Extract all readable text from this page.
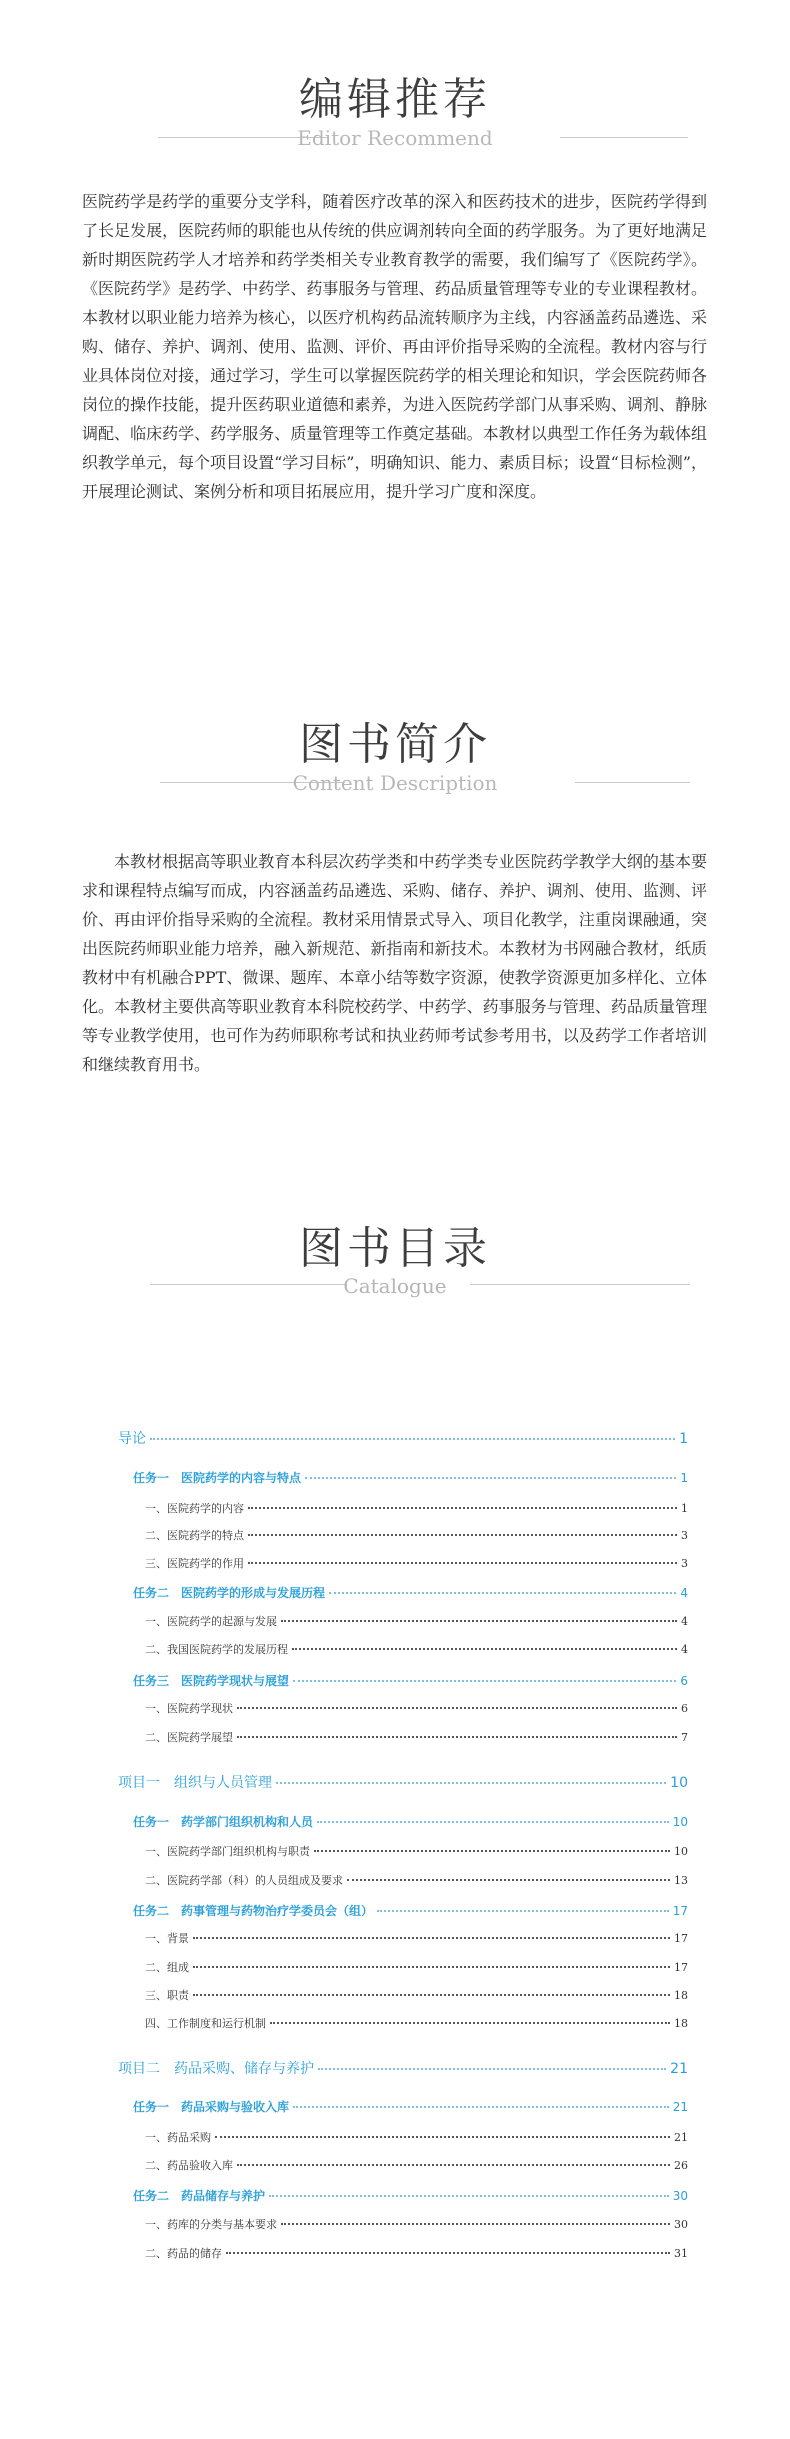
编辑推荐
Editor Recommend

医院药学是药学的重要分支学科，随着医疗改革的深入和医药技术的进步，医院药学得到了长足发展，医院药师的职能也从传统的供应调剂转向全面的药学服务。为了更好地满足新时期医院药学人才培养和药学类相关专业教育教学的需要，我们编写了《医院药学》。《医院药学》是药学、中药学、药事服务与管理、药品质量管理等专业的专业课程教材。本教材以职业能力培养为核心，以医疗机构药品流转顺序为主线，内容涵盖药品遴选、采购、储存、养护、调剂、使用、监测、评价、再由评价指导采购的全流程。教材内容与行业具体岗位对接，通过学习，学生可以掌握医院药学的相关理论和知识，学会医院药师各岗位的操作技能，提升医药职业道德和素养，为进入医院药学部门从事采购、调剂、静脉调配、临床药学、药学服务、质量管理等工作奠定基础。本教材以典型工作任务为载体组织教学单元，每个项目设置“学习目标”，明确知识、能力、素质目标；设置“目标检测”，开展理论测试、案例分析和项目拓展应用，提升学习广度和深度。

图书简介
Content Description

本教材根据高等职业教育本科层次药学类和中药学类专业医院药学教学大纲的基本要求和课程特点编写而成，内容涵盖药品遴选、采购、储存、养护、调剂、使用、监测、评价、再由评价指导采购的全流程。教材采用情景式导入、项目化教学，注重岗课融通，突出医院药师职业能力培养，融入新规范、新指南和新技术。本教材为书网融合教材，纸质教材中有机融合PPT、微课、题库、本章小结等数字资源，使教学资源更加多样化、立体化。本教材主要供高等职业教育本科院校药学、中药学、药事服务与管理、药品质量管理等专业教学使用，也可作为药师职称考试和执业药师考试参考用书，以及药学工作者培训和继续教育用书。

图书目录
Catalogue
导论	1
任务一　医院药学的内容与特点	1
一、医院药学的内容	1
二、医院药学的特点	3
三、医院药学的作用	3
任务二　医院药学的形成与发展历程	4
一、医院药学的起源与发展	4
二、我国医院药学的发展历程	4
任务三　医院药学现状与展望	6
一、医院药学现状	6
二、医院药学展望	7
项目一　组织与人员管理	10
任务一　药学部门组织机构和人员	10
一、医院药学部门组织机构与职责	10
二、医院药学部（科）的人员组成及要求	13
任务二　药事管理与药物治疗学委员会（组）	17
一、背景	17
二、组成	17
三、职责	18
四、工作制度和运行机制	18
项目二　药品采购、储存与养护	21
任务一　药品采购与验收入库	21
一、药品采购	21
二、药品验收入库	26
任务二　药品储存与养护	30
一、药库的分类与基本要求	30
二、药品的储存	31
